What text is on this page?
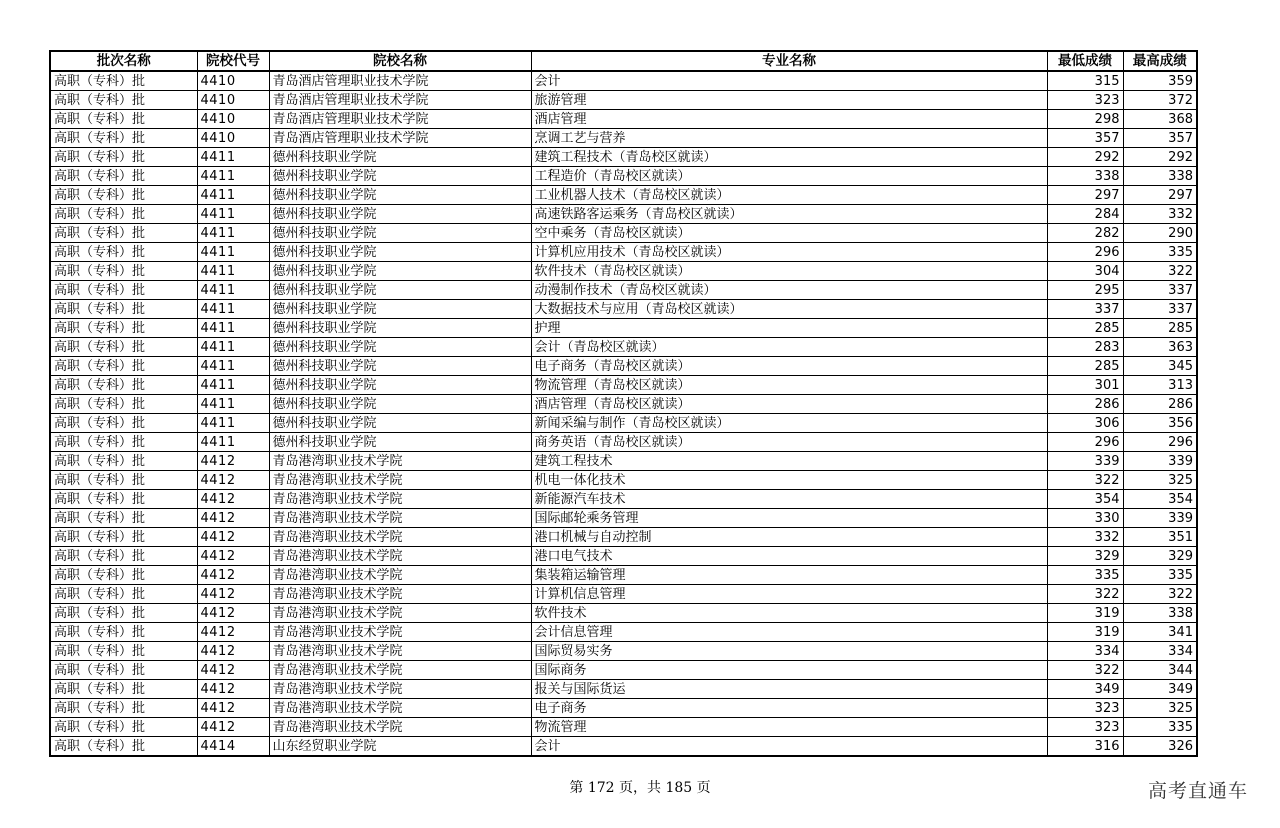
批次名称	院校代号	院校名称	专业名称	最低成绩	最高成绩
高职（专科）批	4410	青岛酒店管理职业技术学院	会计	315	359
高职（专科）批	4410	青岛酒店管理职业技术学院	旅游管理	323	372
高职（专科）批	4410	青岛酒店管理职业技术学院	酒店管理	298	368
高职（专科）批	4410	青岛酒店管理职业技术学院	烹调工艺与营养	357	357
高职（专科）批	4411	德州科技职业学院	建筑工程技术（青岛校区就读）	292	292
高职（专科）批	4411	德州科技职业学院	工程造价（青岛校区就读）	338	338
高职（专科）批	4411	德州科技职业学院	工业机器人技术（青岛校区就读）	297	297
高职（专科）批	4411	德州科技职业学院	高速铁路客运乘务（青岛校区就读）	284	332
高职（专科）批	4411	德州科技职业学院	空中乘务（青岛校区就读）	282	290
高职（专科）批	4411	德州科技职业学院	计算机应用技术（青岛校区就读）	296	335
高职（专科）批	4411	德州科技职业学院	软件技术（青岛校区就读）	304	322
高职（专科）批	4411	德州科技职业学院	动漫制作技术（青岛校区就读）	295	337
高职（专科）批	4411	德州科技职业学院	大数据技术与应用（青岛校区就读）	337	337
高职（专科）批	4411	德州科技职业学院	护理	285	285
高职（专科）批	4411	德州科技职业学院	会计（青岛校区就读）	283	363
高职（专科）批	4411	德州科技职业学院	电子商务（青岛校区就读）	285	345
高职（专科）批	4411	德州科技职业学院	物流管理（青岛校区就读）	301	313
高职（专科）批	4411	德州科技职业学院	酒店管理（青岛校区就读）	286	286
高职（专科）批	4411	德州科技职业学院	新闻采编与制作（青岛校区就读）	306	356
高职（专科）批	4411	德州科技职业学院	商务英语（青岛校区就读）	296	296
高职（专科）批	4412	青岛港湾职业技术学院	建筑工程技术	339	339
高职（专科）批	4412	青岛港湾职业技术学院	机电一体化技术	322	325
高职（专科）批	4412	青岛港湾职业技术学院	新能源汽车技术	354	354
高职（专科）批	4412	青岛港湾职业技术学院	国际邮轮乘务管理	330	339
高职（专科）批	4412	青岛港湾职业技术学院	港口机械与自动控制	332	351
高职（专科）批	4412	青岛港湾职业技术学院	港口电气技术	329	329
高职（专科）批	4412	青岛港湾职业技术学院	集装箱运输管理	335	335
高职（专科）批	4412	青岛港湾职业技术学院	计算机信息管理	322	322
高职（专科）批	4412	青岛港湾职业技术学院	软件技术	319	338
高职（专科）批	4412	青岛港湾职业技术学院	会计信息管理	319	341
高职（专科）批	4412	青岛港湾职业技术学院	国际贸易实务	334	334
高职（专科）批	4412	青岛港湾职业技术学院	国际商务	322	344
高职（专科）批	4412	青岛港湾职业技术学院	报关与国际货运	349	349
高职（专科）批	4412	青岛港湾职业技术学院	电子商务	323	325
高职（专科）批	4412	青岛港湾职业技术学院	物流管理	323	335
高职（专科）批	4414	山东经贸职业学院	会计	316	326
第 172 页，共 185 页	高考直通车
